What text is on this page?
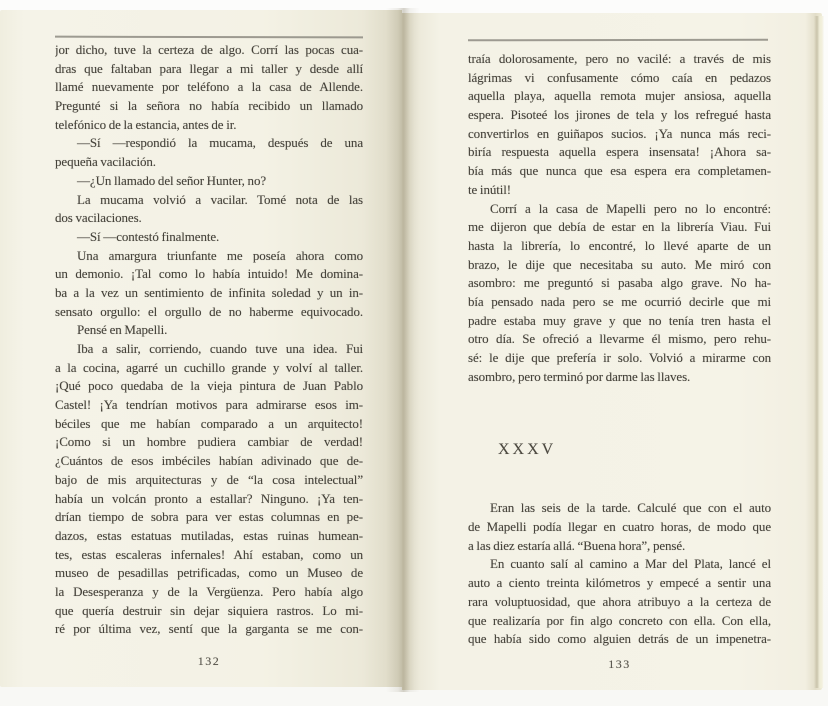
jor dicho, tuve la certeza de algo. Corrí las pocas cua-
dras que faltaban para llegar a mi taller y desde allí
llamé nuevamente por teléfono a la casa de Allende.
Pregunté si la señora no había recibido un llamado
telefónico de la estancia, antes de ir.
—Sí —respondió la mucama, después de una
pequeña vacilación.
—¿Un llamado del señor Hunter, no?
La mucama volvió a vacilar. Tomé nota de las
dos vacilaciones.
—Sí —contestó finalmente.
Una amargura triunfante me poseía ahora como
un demonio. ¡Tal como lo había intuido! Me domina-
ba a la vez un sentimiento de infinita soledad y un in-
sensato orgullo: el orgullo de no haberme equivocado.
Pensé en Mapelli.
Iba a salir, corriendo, cuando tuve una idea. Fui
a la cocina, agarré un cuchillo grande y volví al taller.
¡Qué poco quedaba de la vieja pintura de Juan Pablo
Castel! ¡Ya tendrían motivos para admirarse esos im-
béciles que me habían comparado a un arquitecto!
¡Como si un hombre pudiera cambiar de verdad!
¿Cuántos de esos imbéciles habían adivinado que de-
bajo de mis arquitecturas y de “la cosa intelectual”
había un volcán pronto a estallar? Ninguno. ¡Ya ten-
drían tiempo de sobra para ver estas columnas en pe-
dazos, estas estatuas mutiladas, estas ruinas humean-
tes, estas escaleras infernales! Ahí estaban, como un
museo de pesadillas petrificadas, como un Museo de
la Desesperanza y de la Vergüenza. Pero había algo
que quería destruir sin dejar siquiera rastros. Lo mi-
ré por última vez, sentí que la garganta se me con-
132
traía dolorosamente, pero no vacilé: a través de mis
lágrimas vi confusamente cómo caía en pedazos
aquella playa, aquella remota mujer ansiosa, aquella
espera. Pisoteé los jirones de tela y los refregué hasta
convertirlos en guiñapos sucios. ¡Ya nunca más reci-
biría respuesta aquella espera insensata! ¡Ahora sa-
bía más que nunca que esa espera era completamen-
te inútil!
Corrí a la casa de Mapelli pero no lo encontré:
me dijeron que debía de estar en la librería Viau. Fui
hasta la librería, lo encontré, lo llevé aparte de un
brazo, le dije que necesitaba su auto. Me miró con
asombro: me preguntó si pasaba algo grave. No ha-
bía pensado nada pero se me ocurrió decirle que mi
padre estaba muy grave y que no tenía tren hasta el
otro día. Se ofreció a llevarme él mismo, pero rehu-
sé: le dije que prefería ir solo. Volvió a mirarme con
asombro, pero terminó por darme las llaves.
XXXV
Eran las seis de la tarde. Calculé que con el auto
de Mapelli podía llegar en cuatro horas, de modo que
a las diez estaría allá. “Buena hora”, pensé.
En cuanto salí al camino a Mar del Plata, lancé el
auto a ciento treinta kilómetros y empecé a sentir una
rara voluptuosidad, que ahora atribuyo a la certeza de
que realizaría por fin algo concreto con ella. Con ella,
que había sido como alguien detrás de un impenetra-
133
